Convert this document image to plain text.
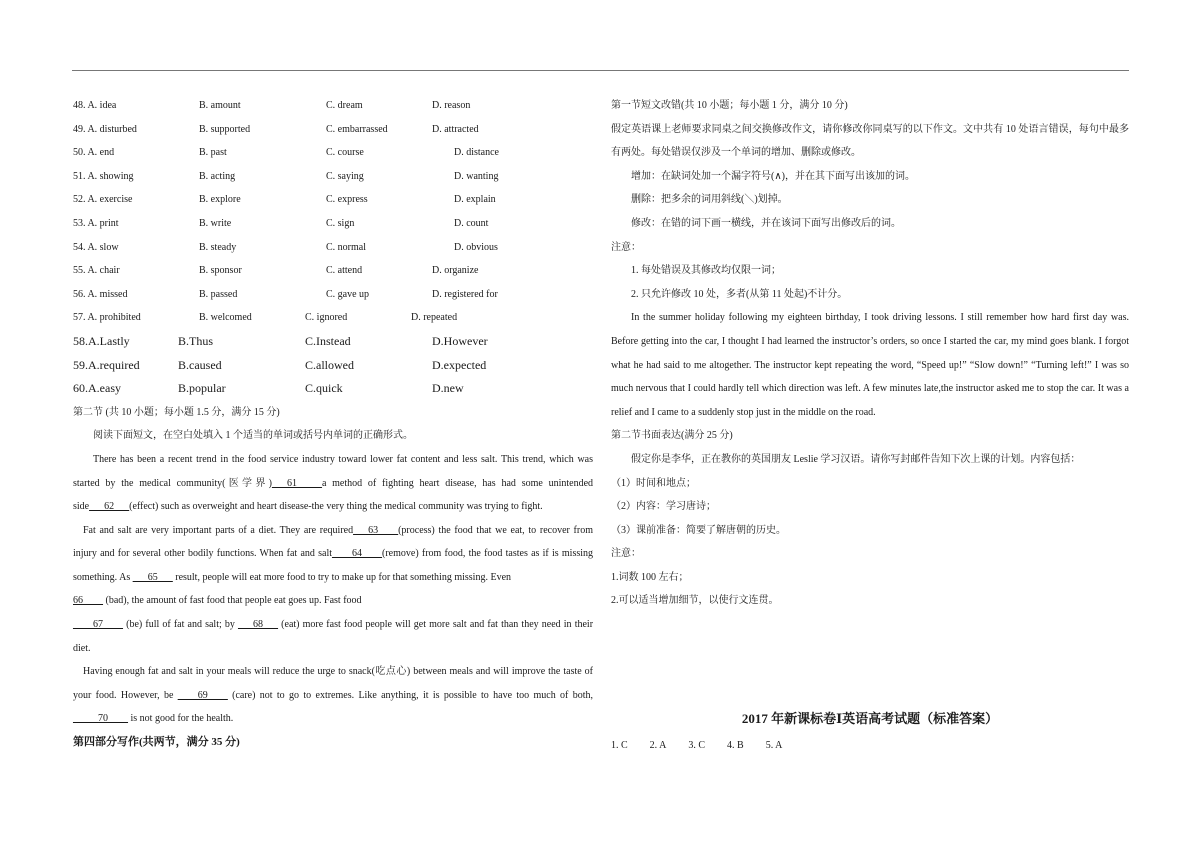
48. A. idea	B. amount	C. dream	D. reason
49. A. disturbed	B. supported	C. embarrassed	D. attracted
50. A. end	B. past	C. course	D. distance
51. A. showing	B. acting	C. saying	D. wanting
52. A. exercise	B. explore	C. express	D. explain
53. A. print	B. write	C. sign	D. count
54. A. slow	B. steady	C. normal	D. obvious
55. A. chair	B. sponsor	C. attend	D. organize
56. A. missed	B. passed	C. gave up	D. registered for
57. A. prohibited	B. welcomed	C. ignored	D. repeated
58.A.Lastly	B.Thus	C.Instead	D.However
59.A.required	B.caused	C.allowed	D.expected
60.A.easy	B.popular	C.quick	D.new

第二节 (共 10 小题；每小题 1.5 分，满分 15 分)

阅读下面短文，在空白处填入 1 个适当的单词或括号内单词的正确形式。

There has been a recent trend in the food service industry toward lower fat content and less salt. This trend, which was started by the medical community(医学界)___61_____a method of fighting heart disease, has had some unintended side___62___(effect) such as overweight and heart disease-the very thing the medical community was trying to fight.

Fat and salt are very important parts of a diet. They are required___63____(process) the food that we eat, to recover from injury and for several other bodily functions. When fat and salt____64____(remove) from food, the food tastes as if is missing something. As ___65___ result, people will eat more food to try to make up for that something missing. Even
66____ (bad), the amount of fast food that people eat goes up. Fast food
____67____ (be) full of fat and salt; by ___68___ (eat) more fast food people will get more salt and fat than they need in their diet.

Having enough fat and salt in your meals will reduce the urge to snack(吃点心) between meals and will improve the taste of your food. However, be ____69____ (care) not to go to extremes. Like anything, it is possible to have too much of both, _____70____ is not good for the health.

第四部分写作(共两节，满分 35 分)

第一节短文改错(共 10 小题；每小题 1 分，满分 10 分)

假定英语课上老师要求同桌之间交换修改作文，请你修改你同桌写的以下作文。文中共有 10 处语言错误，每句中最多有两处。每处错误仅涉及一个单词的增加、删除或修改。

增加：在缺词处加一个漏字符号(∧)，并在其下面写出该加的词。

删除：把多余的词用斜线(＼)划掉。

修改：在错的词下画一横线，并在该词下面写出修改后的词。

注意：

1. 每处错误及其修改均仅限一词；

2. 只允许修改 10 处，多者(从第 11 处起)不计分。

In the summer holiday following my eighteen birthday, I took driving lessons. I still remember how hard first day was. Before getting into the car, I thought I had learned the instructor’s orders, so once I started the car, my mind goes blank. I forgot what he had said to me altogether. The instructor kept repeating the word, “Speed up!” “Slow down!” “Turning left!” I was so much nervous that I could hardly tell which direction was left. A few minutes late,the instructor asked me to stop the car. It was a relief and I came to a suddenly stop just in the middle on the road.

第二节书面表达(满分 25 分)

假定你是李华，正在教你的英国朋友 Leslie 学习汉语。请你写封邮件告知下次上课的计划。内容包括：

（1）时间和地点；

（2）内容：学习唐诗；

（3）课前准备：简要了解唐朝的历史。

注意：

1.词数 100 左右；

2.可以适当增加细节，以使行文连贯。

2017 年新课标卷Ⅰ英语高考试题（标准答案）
1. C 2. A 3. C 4. B 5. A
